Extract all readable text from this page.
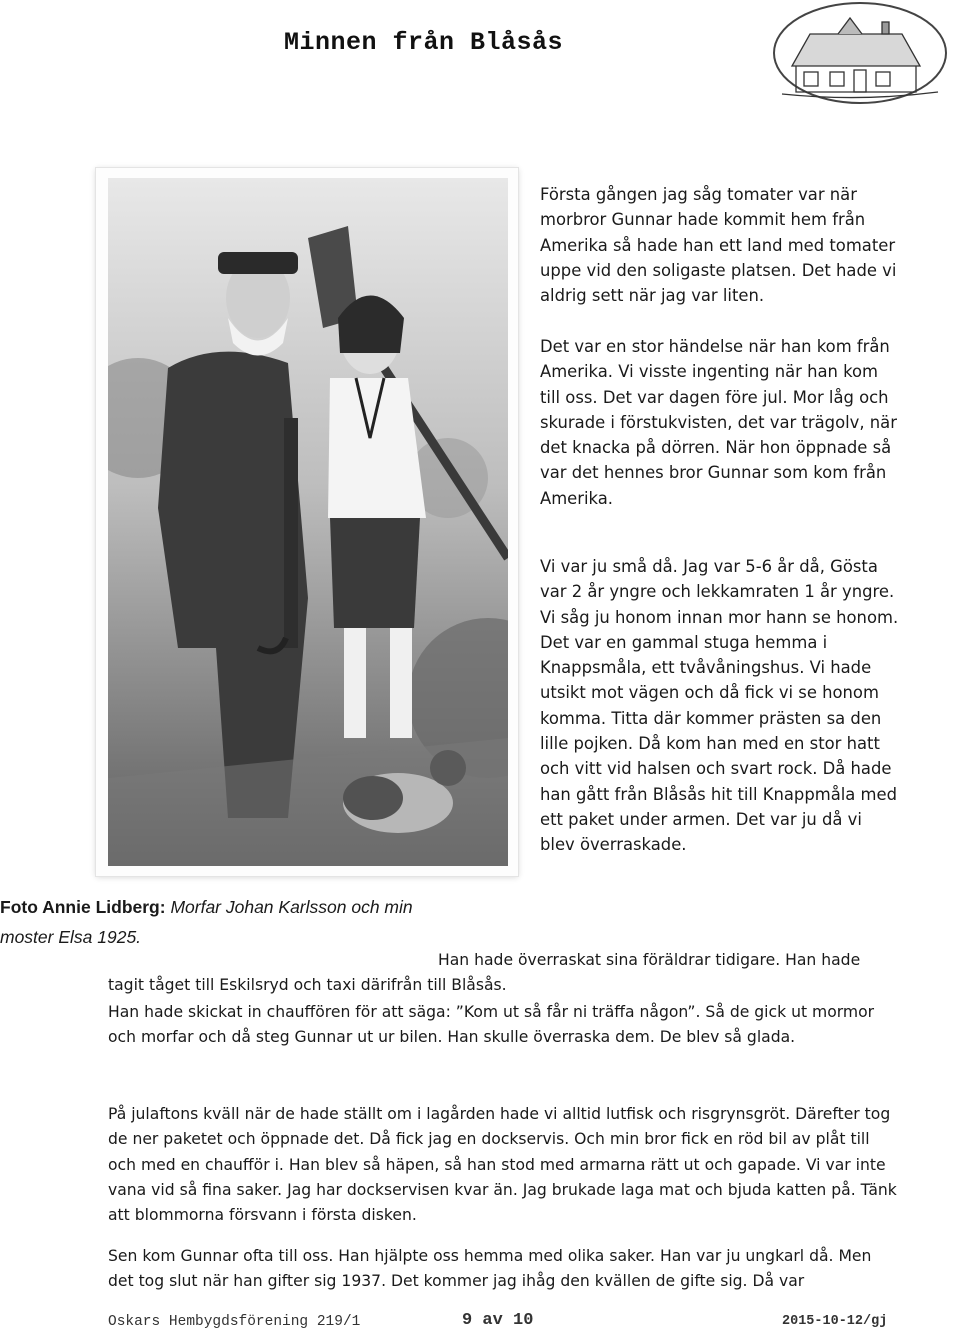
Minnen från Blåsås

Första gången jag såg tomater var när morbror Gunnar hade kommit hem från Amerika så hade han ett land med tomater uppe vid den soligaste platsen. Det hade vi aldrig sett när jag var liten.

Det var en stor händelse när han kom från Amerika. Vi visste ingenting när han kom till oss. Det var dagen före jul. Mor låg och skurade i förstukvisten, det var trägolv, när det knacka på dörren. När hon öppnade så var det hennes bror Gunnar som kom från Amerika.

Vi var ju små då. Jag var 5-6 år då, Gösta var 2 år yngre och lekkamraten 1 år yngre. Vi såg ju honom innan mor hann se honom. Det var en gammal stuga hemma i Knappsmåla, ett tvåvåningshus. Vi hade utsikt mot vägen och då fick vi se honom komma. Titta där kommer prästen sa den lille pojken. Då kom han med en stor hatt och vitt vid halsen och svart rock. Då hade han gått från Blåsås hit till Knappmåla med ett paket under armen. Det var ju då vi blev överraskade.

Foto Annie Lidberg: Morfar Johan Karlsson och min moster Elsa 1925.

Han hade överraskat sina föräldrar tidigare. Han hade tagit tåget till Eskilsryd och taxi därifrån till Blåsås.

Han hade skickat in chauffören för att säga: ”Kom ut så får ni träffa någon”. Så de gick ut mormor och morfar och då steg Gunnar ut ur bilen. Han skulle överraska dem. De blev så glada.

På julaftons kväll när de hade ställt om i lagården hade vi alltid lutfisk och risgrynsgröt. Därefter tog de ner paketet och öppnade det. Då fick jag en dockservis. Och min bror fick en röd bil av plåt till och med en chaufför i. Han blev så häpen, så han stod med armarna rätt ut och gapade. Vi var inte vana vid så fina saker. Jag har dockservisen kvar än. Jag brukade laga mat och bjuda katten på. Tänk att blommorna försvann i första disken.

Sen kom Gunnar ofta till oss. Han hjälpte oss hemma med olika saker. Han var ju ungkarl då. Men det tog slut när han gifter sig 1937. Det kommer jag ihåg den kvällen de gifte sig. Då var

Oskars Hembygdsförening 219/1	9 av 10	2015-10-12/gj
